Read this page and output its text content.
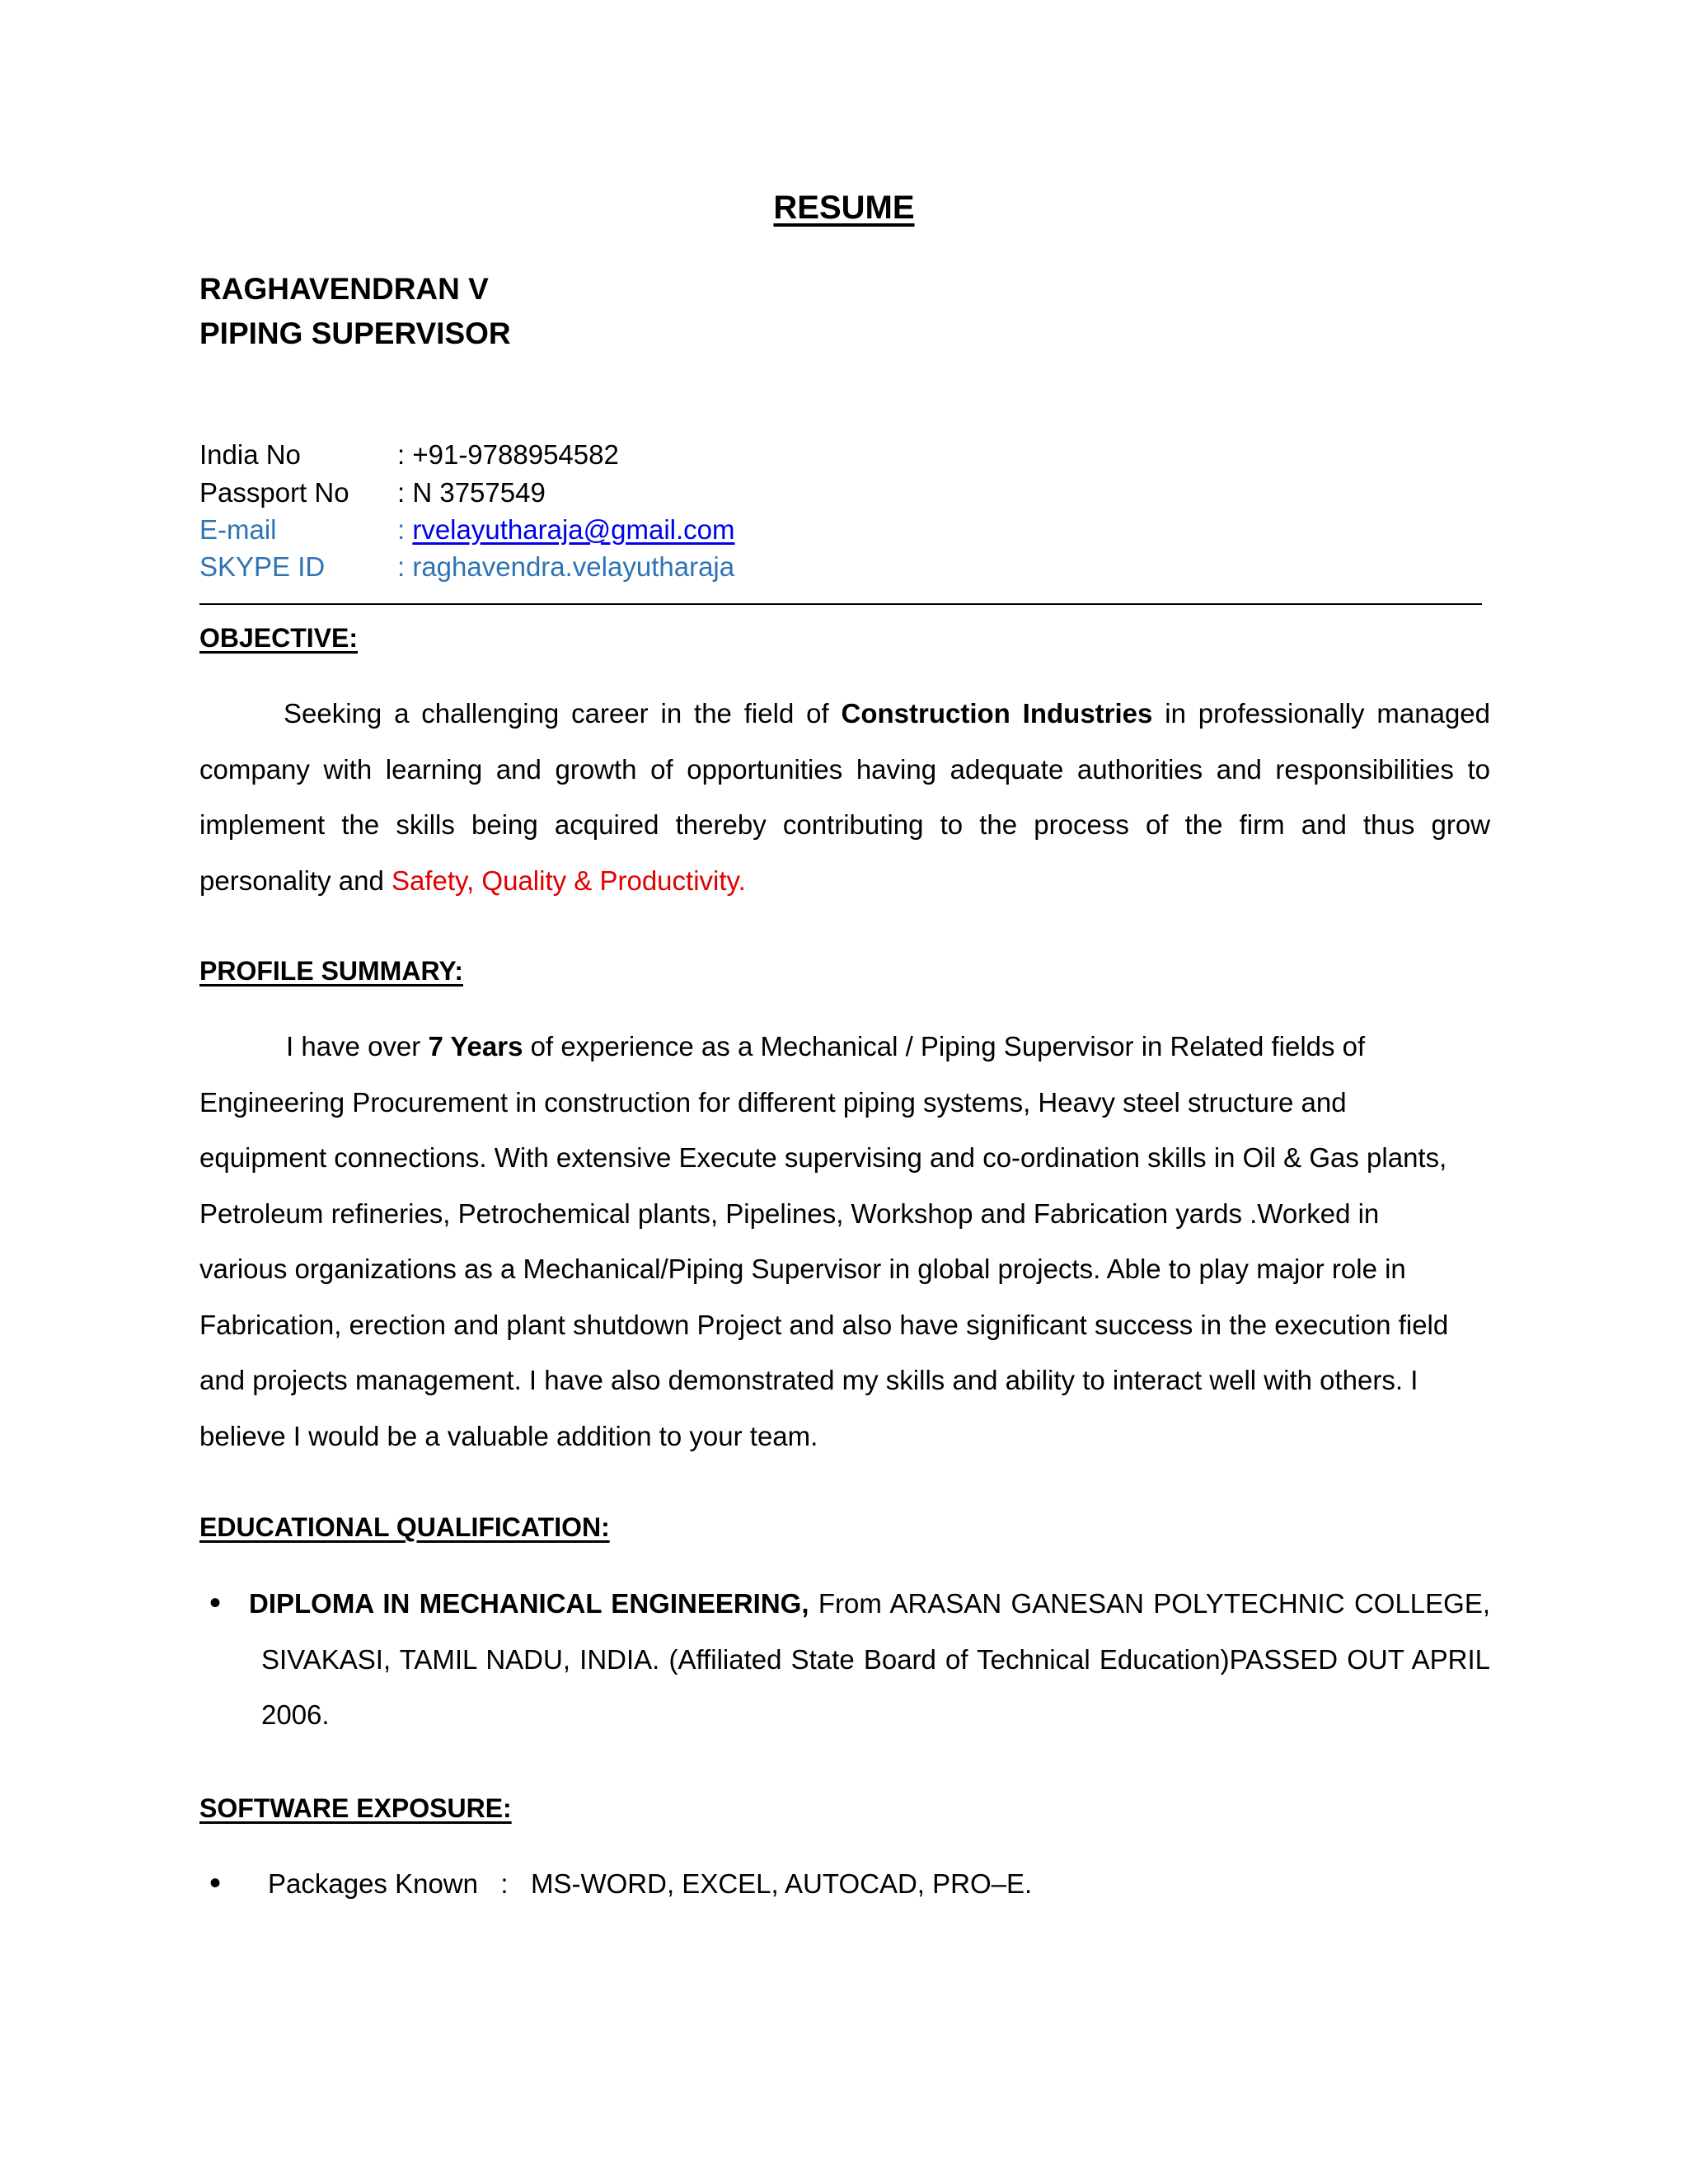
RESUME
RAGHAVENDRAN V
PIPING SUPERVISOR
India No	: +91-9788954582
Passport No : N 3757549
E-mail	: rvelayutharaja@gmail.com
SKYPE ID	: raghavendra.velayutharaja
OBJECTIVE:
Seeking a challenging career in the field of Construction Industries in professionally managed
company with learning and growth of opportunities having adequate authorities and responsibilities to
implement the skills being acquired thereby contributing to the process of the firm and thus grow
personality and Safety, Quality & Productivity.
PROFILE SUMMARY:
I have over 7 Years of experience as a Mechanical / Piping Supervisor in Related fields of
Engineering Procurement in construction for different piping systems, Heavy steel structure and
equipment connections. With extensive Execute supervising and co-ordination skills in Oil & Gas plants,
Petroleum refineries, Petrochemical plants, Pipelines, Workshop and Fabrication yards .Worked in
various organizations as a Mechanical/Piping Supervisor in global projects. Able to play major role in
Fabrication, erection and plant shutdown Project and also have significant success in the execution field
and projects management. I have also demonstrated my skills and ability to interact well with others. I
believe I would be a valuable addition to your team.
EDUCATIONAL QUALIFICATION:
• DIPLOMA IN MECHANICAL ENGINEERING, From ARASAN GANESAN POLYTECHNIC COLLEGE,
SIVAKASI, TAMIL NADU, INDIA. (Affiliated State Board of Technical Education)PASSED OUT APRIL
2006.
SOFTWARE EXPOSURE:
• Packages Known : MS-WORD, EXCEL, AUTOCAD, PRO–E.
